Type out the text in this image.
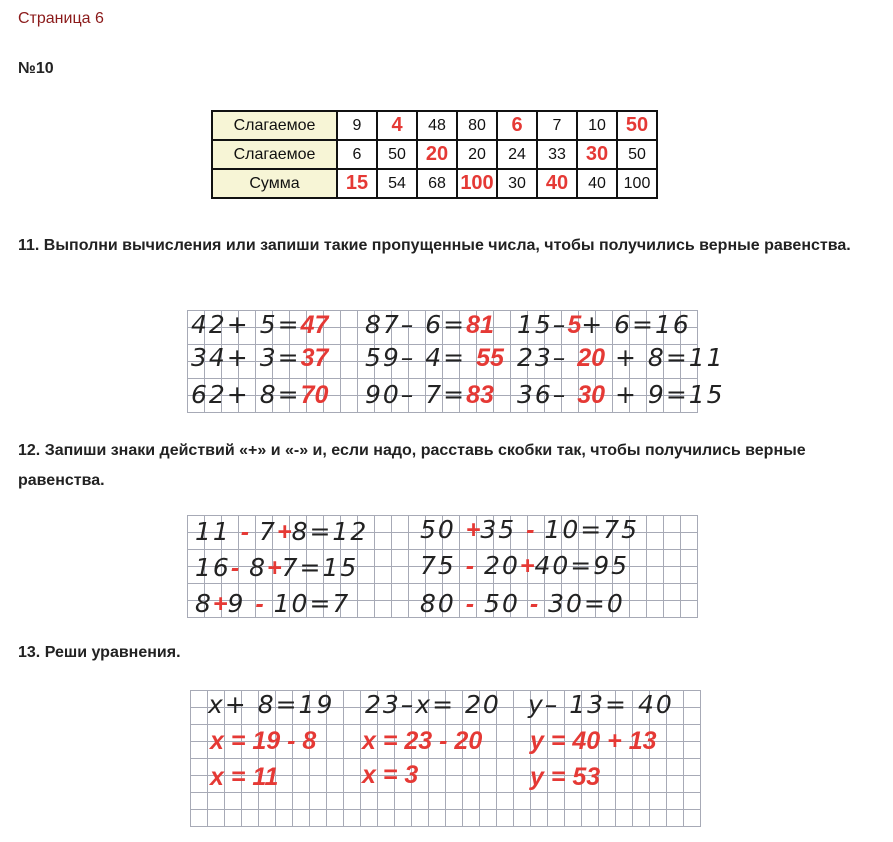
Страница 6
№10
Слагаемое	9	4	48	80	6	7	10	50
Слагаемое	6	50	20	20	24	33	30	50
Сумма	15	54	68	100	30	40	40	100
11. Выполни вычисления или запиши такие пропущенные числа, чтобы получились верные равенства.
42+ 5=47 87– 6=81 15–5+ 6=16
34+ 3=37 59– 4= 55 23– 20 + 8=11
62+ 8=70 90– 7=83 36– 30 + 9=15
12. Запиши знаки действий «+» и «-» и, если надо, расставь скобки так, чтобы получились верные равенства.
11 - 7+8=12 50 +35 - 10=75
16- 8+7=15 75 - 20+40=95
8+9 - 10=7	80 - 50 - 30=0
13. Реши уравнения.
x+ 8=19 23–x= 20 y– 13= 40
x = 19 - 8 x = 23 - 20 y = 40 + 13
x = 11	x = 3	y = 53
